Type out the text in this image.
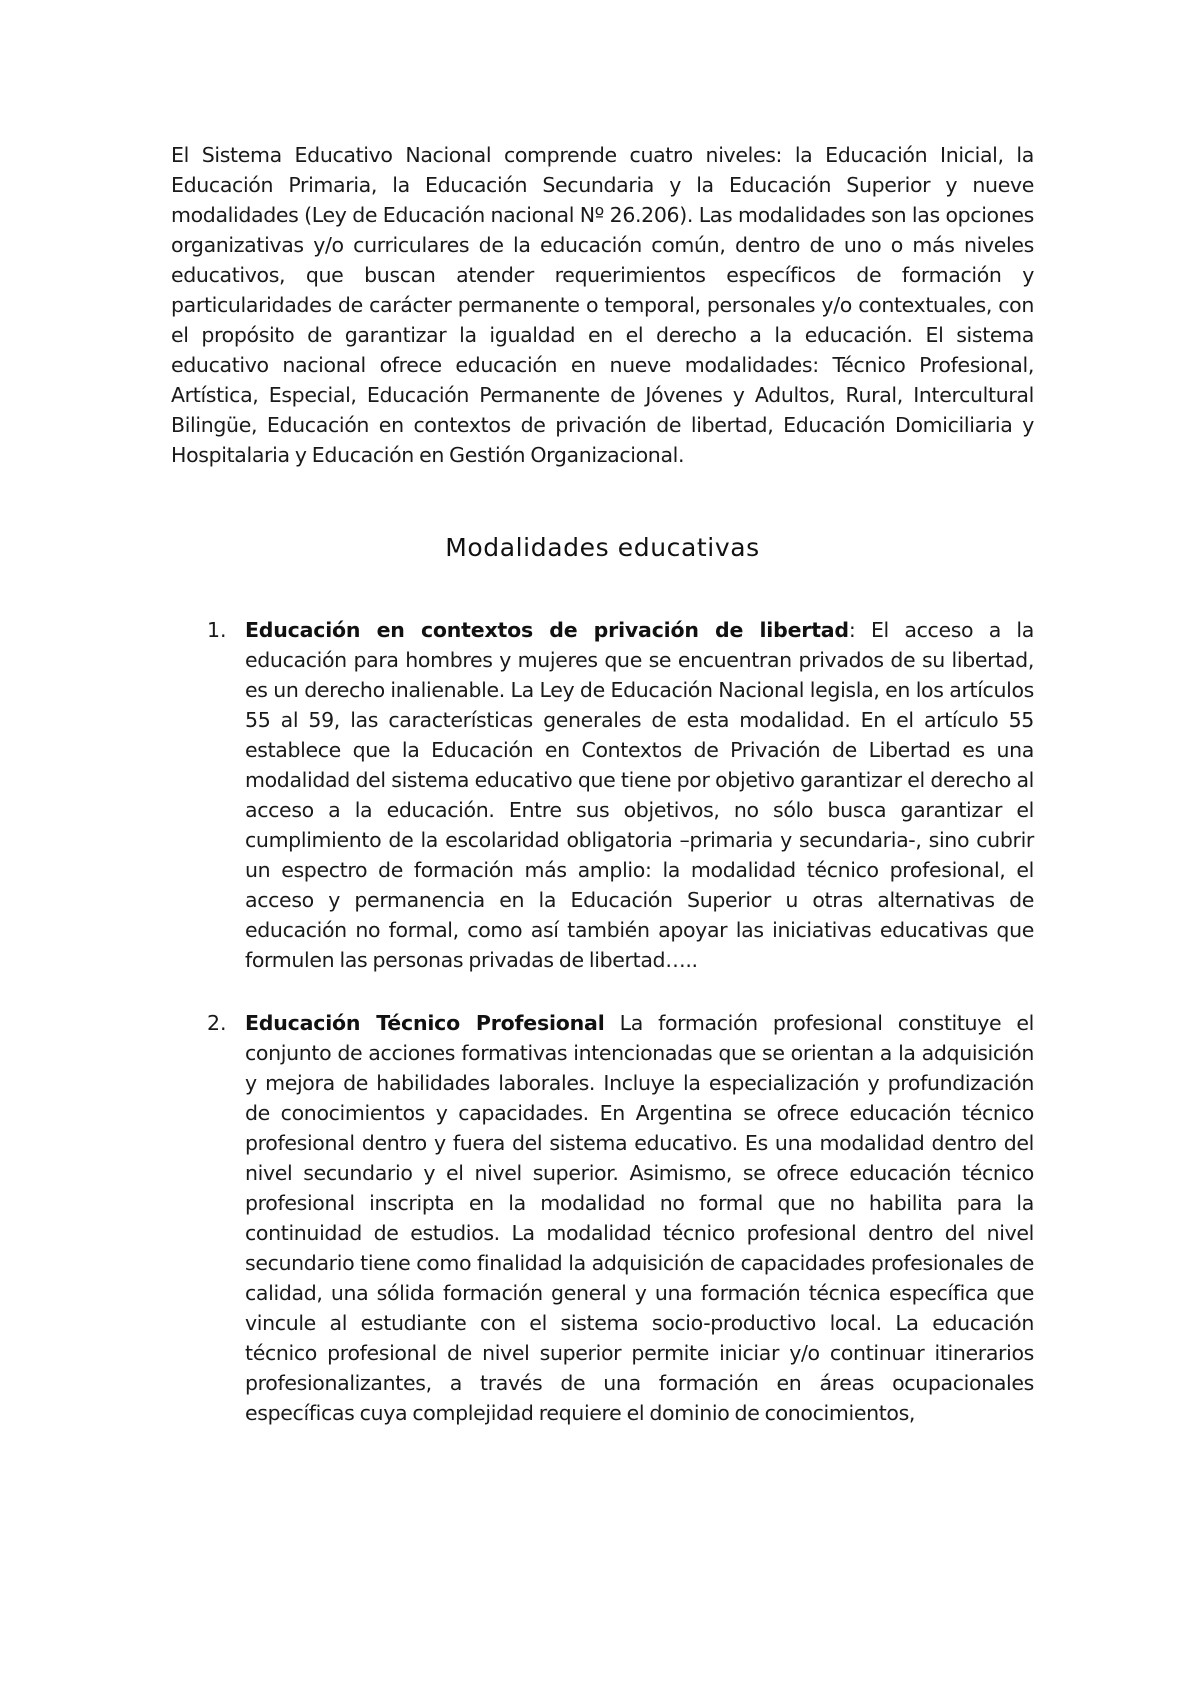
El Sistema Educativo Nacional comprende cuatro niveles: la Educación Inicial, la Educación Primaria, la Educación Secundaria y la Educación Superior y nueve modalidades (Ley de Educación nacional Nº 26.206). Las modalidades son las opciones organizativas y/o curriculares de la educación común, dentro de uno o más niveles educativos, que buscan atender requerimientos específicos de formación y particularidades de carácter permanente o temporal, personales y/o contextuales, con el propósito de garantizar la igualdad en el derecho a la educación. El sistema educativo nacional ofrece educación en nueve modalidades: Técnico Profesional, Artística, Especial, Educación Permanente de Jóvenes y Adultos, Rural, Intercultural Bilingüe, Educación en contextos de privación de libertad, Educación Domiciliaria y Hospitalaria y Educación en Gestión Organizacional.

Modalidades educativas
1. Educación en contextos de privación de libertad: El acceso a la educación para hombres y mujeres que se encuentran privados de su libertad, es un derecho inalienable. La Ley de Educación Nacional legisla, en los artículos 55 al 59, las características generales de esta modalidad. En el artículo 55 establece que la Educación en Contextos de Privación de Libertad es una modalidad del sistema educativo que tiene por objetivo garantizar el derecho al acceso a la educación. Entre sus objetivos, no sólo busca garantizar el cumplimiento de la escolaridad obligatoria –primaria y secundaria-, sino cubrir un espectro de formación más amplio: la modalidad técnico profesional, el acceso y permanencia en la Educación Superior u otras alternativas de educación no formal, como así también apoyar las iniciativas educativas que formulen las personas privadas de libertad…..

2. Educación Técnico Profesional La formación profesional constituye el conjunto de acciones formativas intencionadas que se orientan a la adquisición y mejora de habilidades laborales. Incluye la especialización y profundización de conocimientos y capacidades. En Argentina se ofrece educación técnico profesional dentro y fuera del sistema educativo. Es una modalidad dentro del nivel secundario y el nivel superior. Asimismo, se ofrece educación técnico profesional inscripta en la modalidad no formal que no habilita para la continuidad de estudios. La modalidad técnico profesional dentro del nivel secundario tiene como finalidad la adquisición de capacidades profesionales de calidad, una sólida formación general y una formación técnica específica que vincule al estudiante con el sistema socio-productivo local. La educación técnico profesional de nivel superior permite iniciar y/o continuar itinerarios profesionalizantes, a través de una formación en áreas ocupacionales específicas cuya complejidad requiere el dominio de conocimientos,
